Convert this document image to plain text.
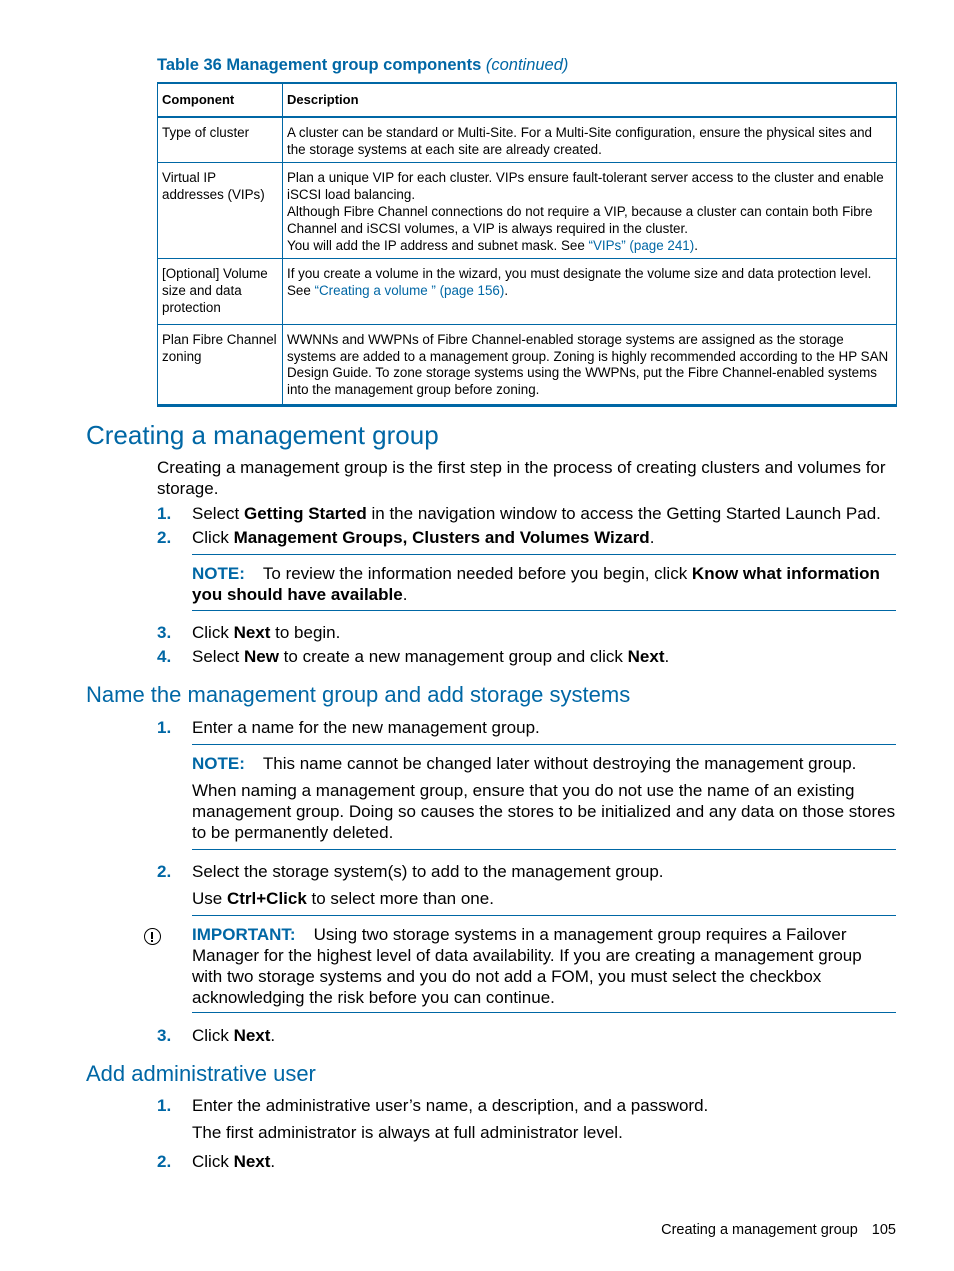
Table 36 Management group components (continued)
Component	Description
Type of cluster	A cluster can be standard or Multi-Site. For a Multi-Site configuration, ensure the physical sites and the storage systems at each site are already created.
Virtual IP addresses (VIPs)	Plan a unique VIP for each cluster. VIPs ensure fault-tolerant server access to the cluster and enable iSCSI load balancing.
Although Fibre Channel connections do not require a VIP, because a cluster can contain both Fibre Channel and iSCSI volumes, a VIP is always required in the cluster.
You will add the IP address and subnet mask. See “VIPs” (page 241).
[Optional] Volume size and data protection	If you create a volume in the wizard, you must designate the volume size and data protection level. See “Creating a volume ” (page 156).
Plan Fibre Channel zoning	WWNNs and WWPNs of Fibre Channel-enabled storage systems are assigned as the storage systems are added to a management group. Zoning is highly recommended according to the HP SAN Design Guide. To zone storage systems using the WWPNs, put the Fibre Channel-enabled systems into the management group before zoning.
Creating a management group
Creating a management group is the first step in the process of creating clusters and volumes for storage.
1. Select Getting Started in the navigation window to access the Getting Started Launch Pad.
2. Click Management Groups, Clusters and Volumes Wizard.
NOTE: To review the information needed before you begin, click Know what information you should have available.
3. Click Next to begin.
4. Select New to create a new management group and click Next.
Name the management group and add storage systems
1. Enter a name for the new management group.
NOTE: This name cannot be changed later without destroying the management group.
When naming a management group, ensure that you do not use the name of an existing management group. Doing so causes the stores to be initialized and any data on those stores to be permanently deleted.
2. Select the storage system(s) to add to the management group.
Use Ctrl+Click to select more than one.
IMPORTANT: Using two storage systems in a management group requires a Failover Manager for the highest level of data availability. If you are creating a management group with two storage systems and you do not add a FOM, you must select the checkbox acknowledging the risk before you can continue.
3. Click Next.
Add administrative user
1. Enter the administrative user’s name, a description, and a password.
The first administrator is always at full administrator level.
2. Click Next.
Creating a management group 105
